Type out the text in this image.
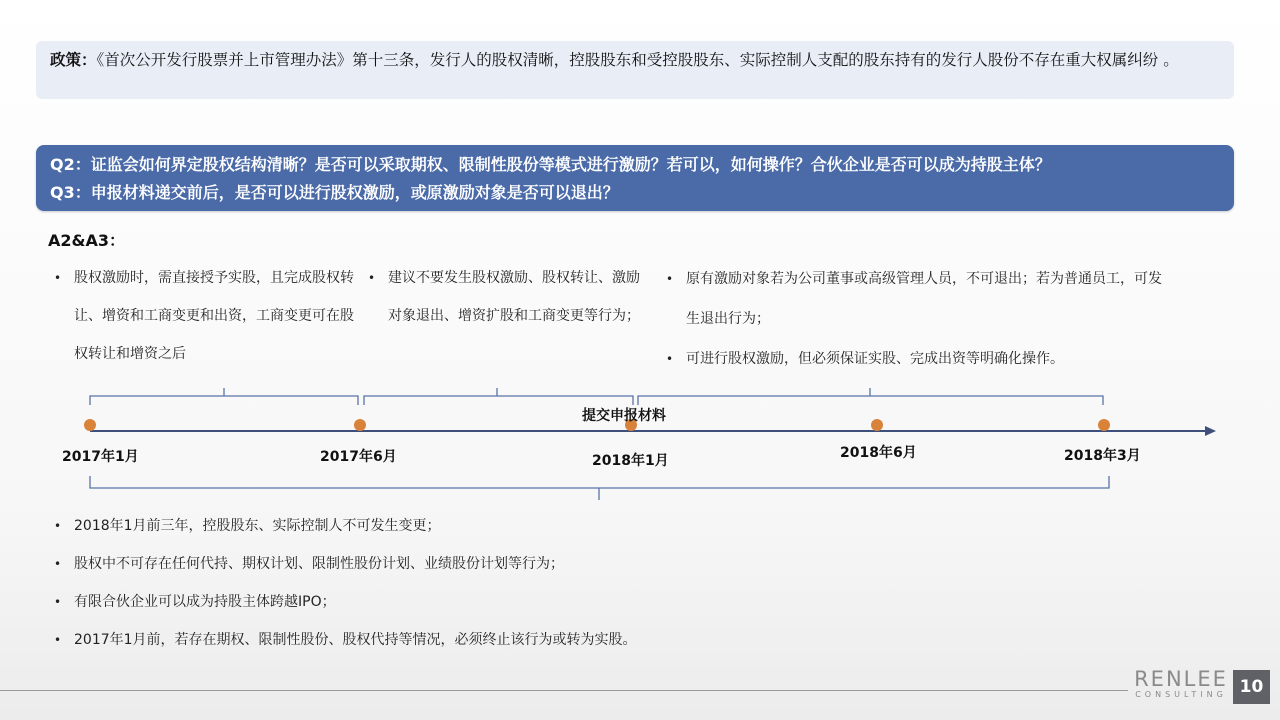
政策：《首次公开发行股票并上市管理办法》第十三条，发行人的股权清晰，控股股东和受控股股东、实际控制人支配的股东持有的发行人股份不存在重大权属纠纷 。
Q2：证监会如何界定股权结构清晰？是否可以采取期权、限制性股份等模式进行激励？若可以，如何操作？合伙企业是否可以成为持股主体？
Q3：申报材料递交前后，是否可以进行股权激励，或原激励对象是否可以退出？
A2&A3：
• 股权激励时，需直接授予实股，且完成股权转让、增资和工商变更和出资，工商变更可在股权转让和增资之后
• 建议不要发生股权激励、股权转让、激励对象退出、增资扩股和工商变更等行为；
• 原有激励对象若为公司董事或高级管理人员，不可退出；若为普通员工，可发生退出行为；
• 可进行股权激励，但必须保证实股、完成出资等明确化操作。
提交申报材料
2017年1月	2017年6月	2018年1月	2018年6月	2018年3月
• 2018年1月前三年，控股股东、实际控制人不可发生变更；
• 股权中不可存在任何代持、期权计划、限制性股份计划、业绩股份计划等行为；
• 有限合伙企业可以成为持股主体跨越IPO；
• 2017年1月前，若存在期权、限制性股份、股权代持等情况，必须终止该行为或转为实股。
RENLEE
CONSULTING 10
